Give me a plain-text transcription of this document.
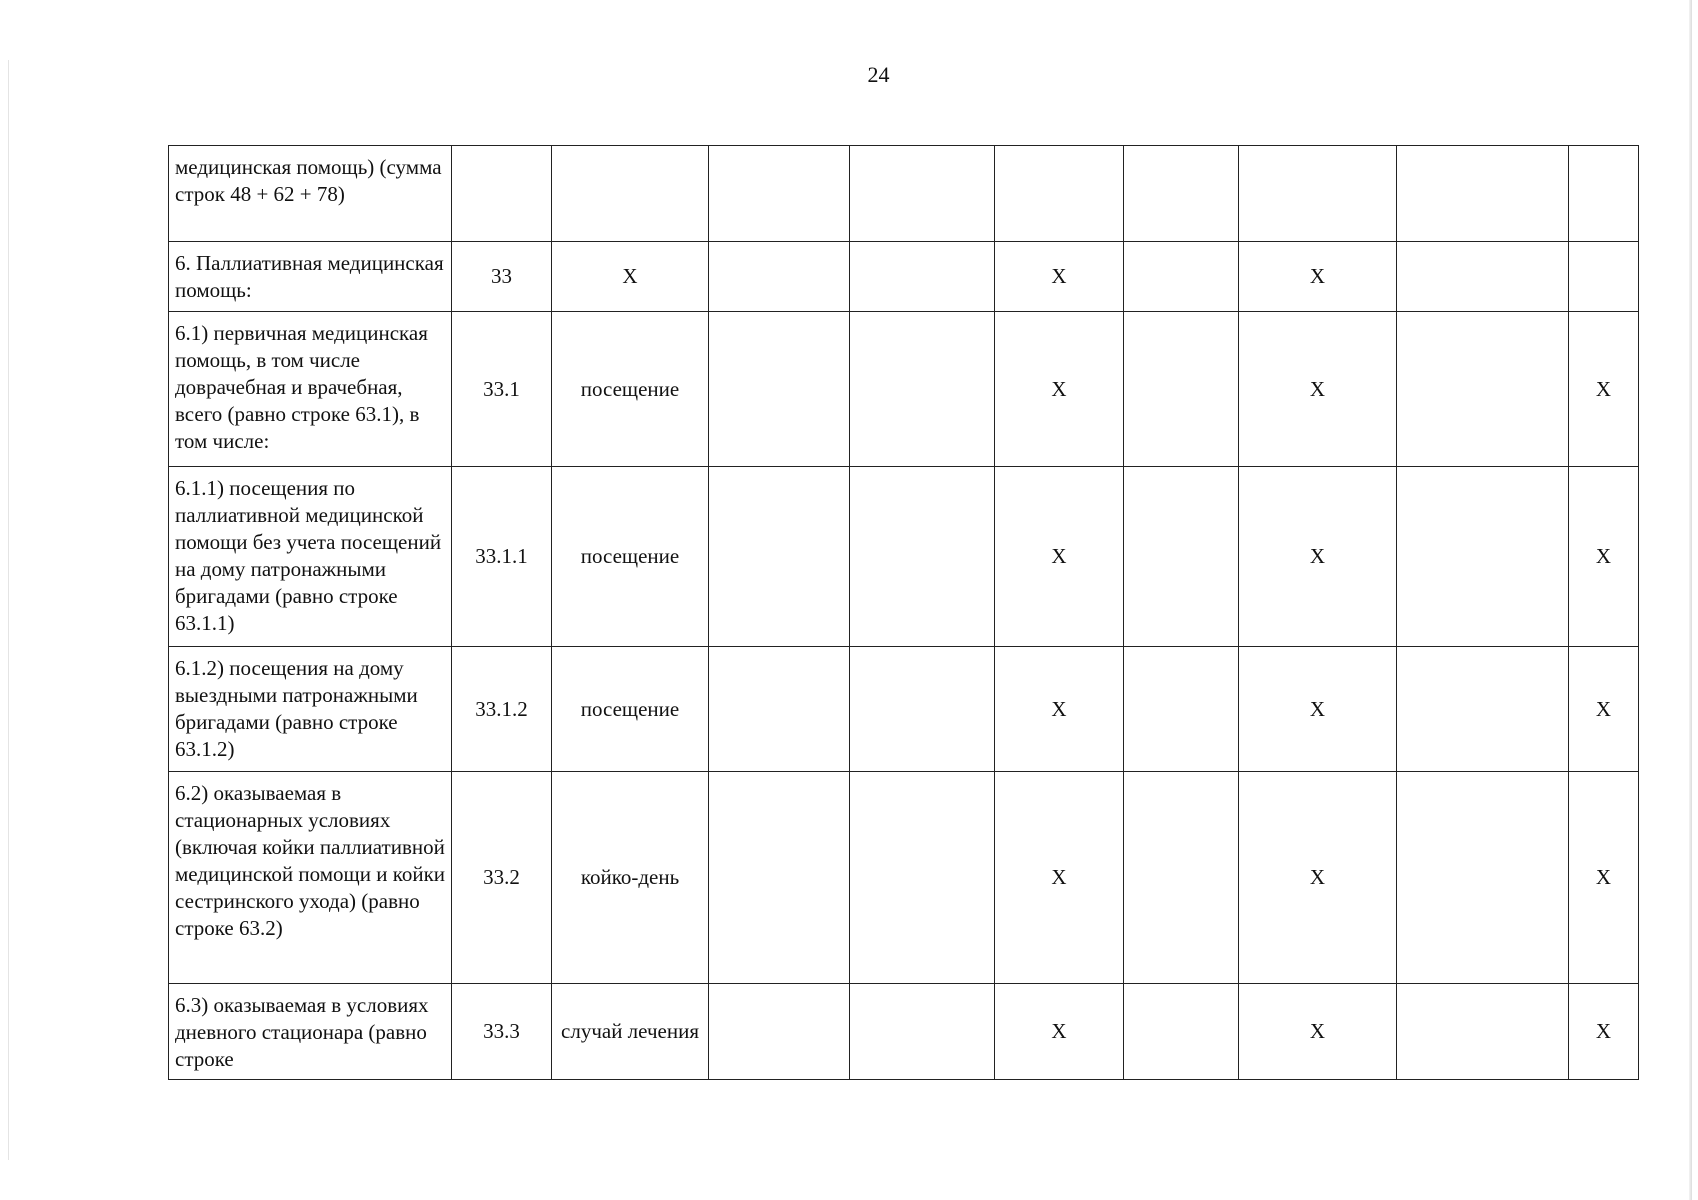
24
медицинская помощь) (сумма строк 48 + 62 + 78)									
6. Паллиативная медицинская помощь:	33	Х			Х		Х		
6.1) первичная медицинская помощь, в том числе доврачебная и врачебная, всего (равно строке 63.1), в том числе:	33.1	посещение			Х		Х		Х
6.1.1) посещения по паллиативной медицинской помощи без учета посещений на дому патронажными бригадами (равно строке 63.1.1)	33.1.1	посещение			Х		Х		Х
6.1.2) посещения на дому выездными патронажными бригадами (равно строке 63.1.2)	33.1.2	посещение			Х		Х		Х
6.2) оказываемая в стационарных условиях (включая койки паллиативной медицинской помощи и койки сестринского ухода) (равно строке 63.2)	33.2	койко-день			Х		Х		Х
6.3) оказываемая в условиях дневного стационара (равно строке	33.3	случай лечения			Х		Х		Х
